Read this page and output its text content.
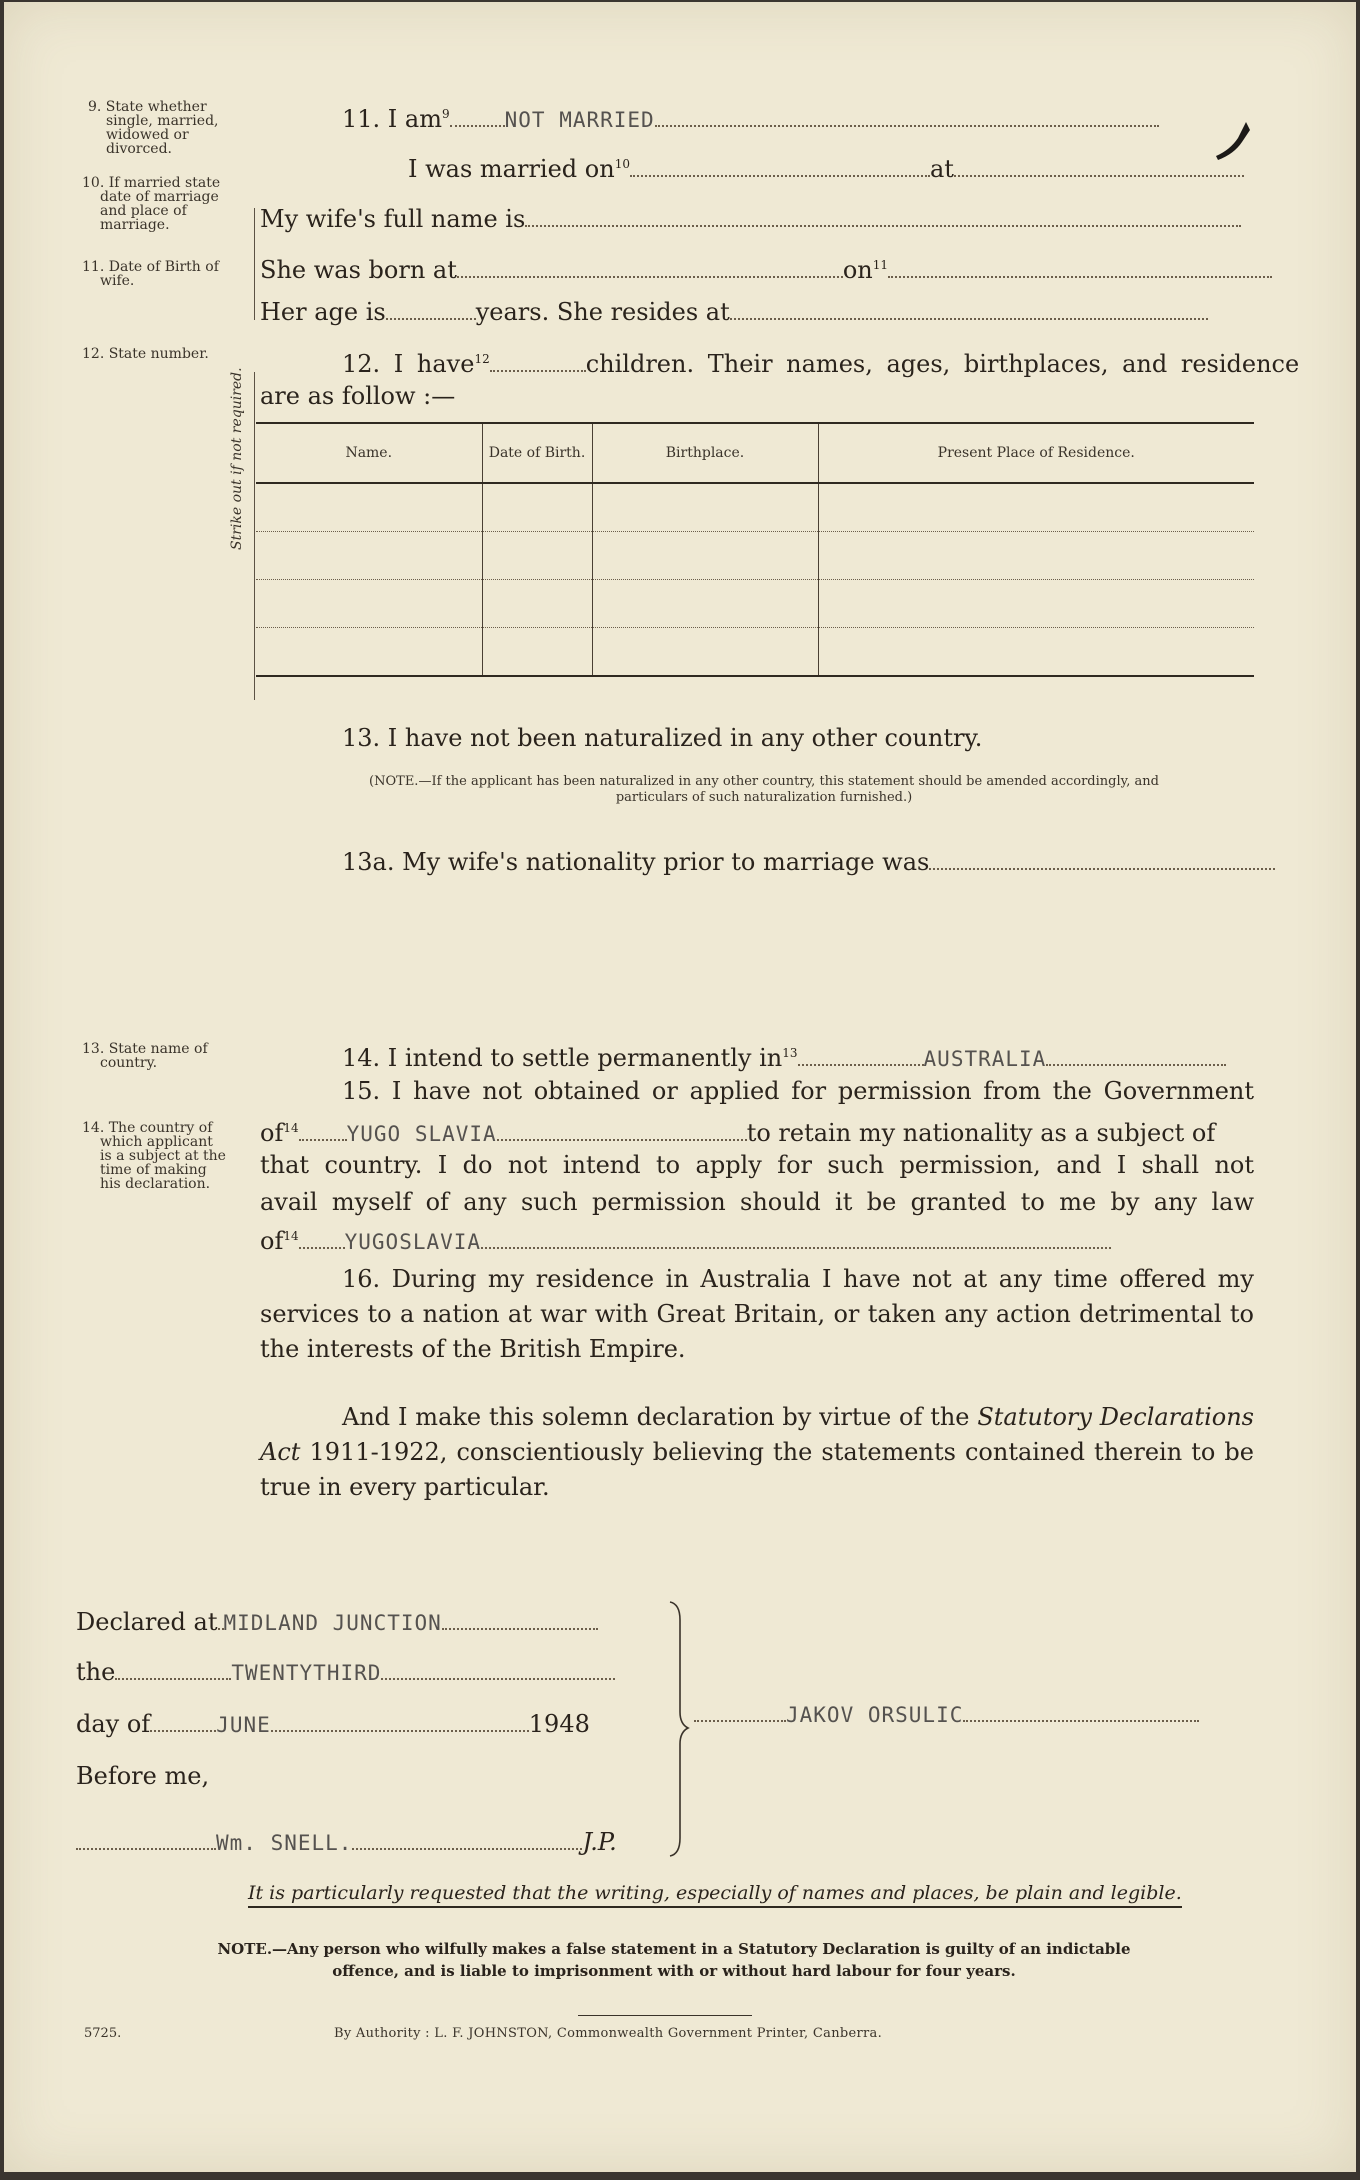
9. State whether
single, married,
widowed or
divorced.
10. If married state
date of marriage
and place of
marriage.
11. Date of Birth of
wife.
12. State number.
Strike out if not required.
13. State name of
country.
14. The country of
which applicant
is a subject at the
time of making
his declaration.
11. I $am^9$	NOT MARRIED
I was married $on^{10}$	at
My wife's full name is
She was born at	$on^{11}$
Her age is	years. She resides at
12. I have$^{12}$	children. Their names, ages, birthplaces, and residence
are as follow :—
Name.	Date of Birth.	Birthplace.	Present Place of Residence.

13. I have not been naturalized in any other country.
(NOTE.—If the applicant has been naturalized in any other country, this statement should be amended accordingly, and particulars of such naturalization furnished.)
13a. My wife's nationality prior to marriage was
14. I intend to settle permanently $in^{13}$	AUSTRALIA
15. I have not obtained or applied for permission from the Government
$of^{14}$ YUGO SLAVIA	to retain my nationality as a subject of
that country. I do not intend to apply for such permission, and I shall not
avail myself of any such permission should it be granted to me by any law
$of^{14}$ YUGOSLAVIA
16. During my residence in Australia I have not at any time offered my services to a nation at war with Great Britain, or taken any action detrimental to the interests of the British Empire.
And I make this solemn declaration by virtue of the Statutory Declarations Act 1911-1922, conscientiously believing the statements contained therein to be true in every particular.
Declared at MIDLAND JUNCTION
the	TWENTYTHIRD
day of	JUNE	1948
Before me,
Wm. SNELL.	J.P.
JAKOV ORSULIC
It is particularly requested that the writing, especially of names and places, be plain and legible.
NOTE.—Any person who wilfully makes a false statement in a Statutory Declaration is guilty of an indictable offence, and is liable to imprisonment with or without hard labour for four years.
5725.	By Authority : L. F. JOHNSTON, Commonwealth Government Printer, Canberra.
